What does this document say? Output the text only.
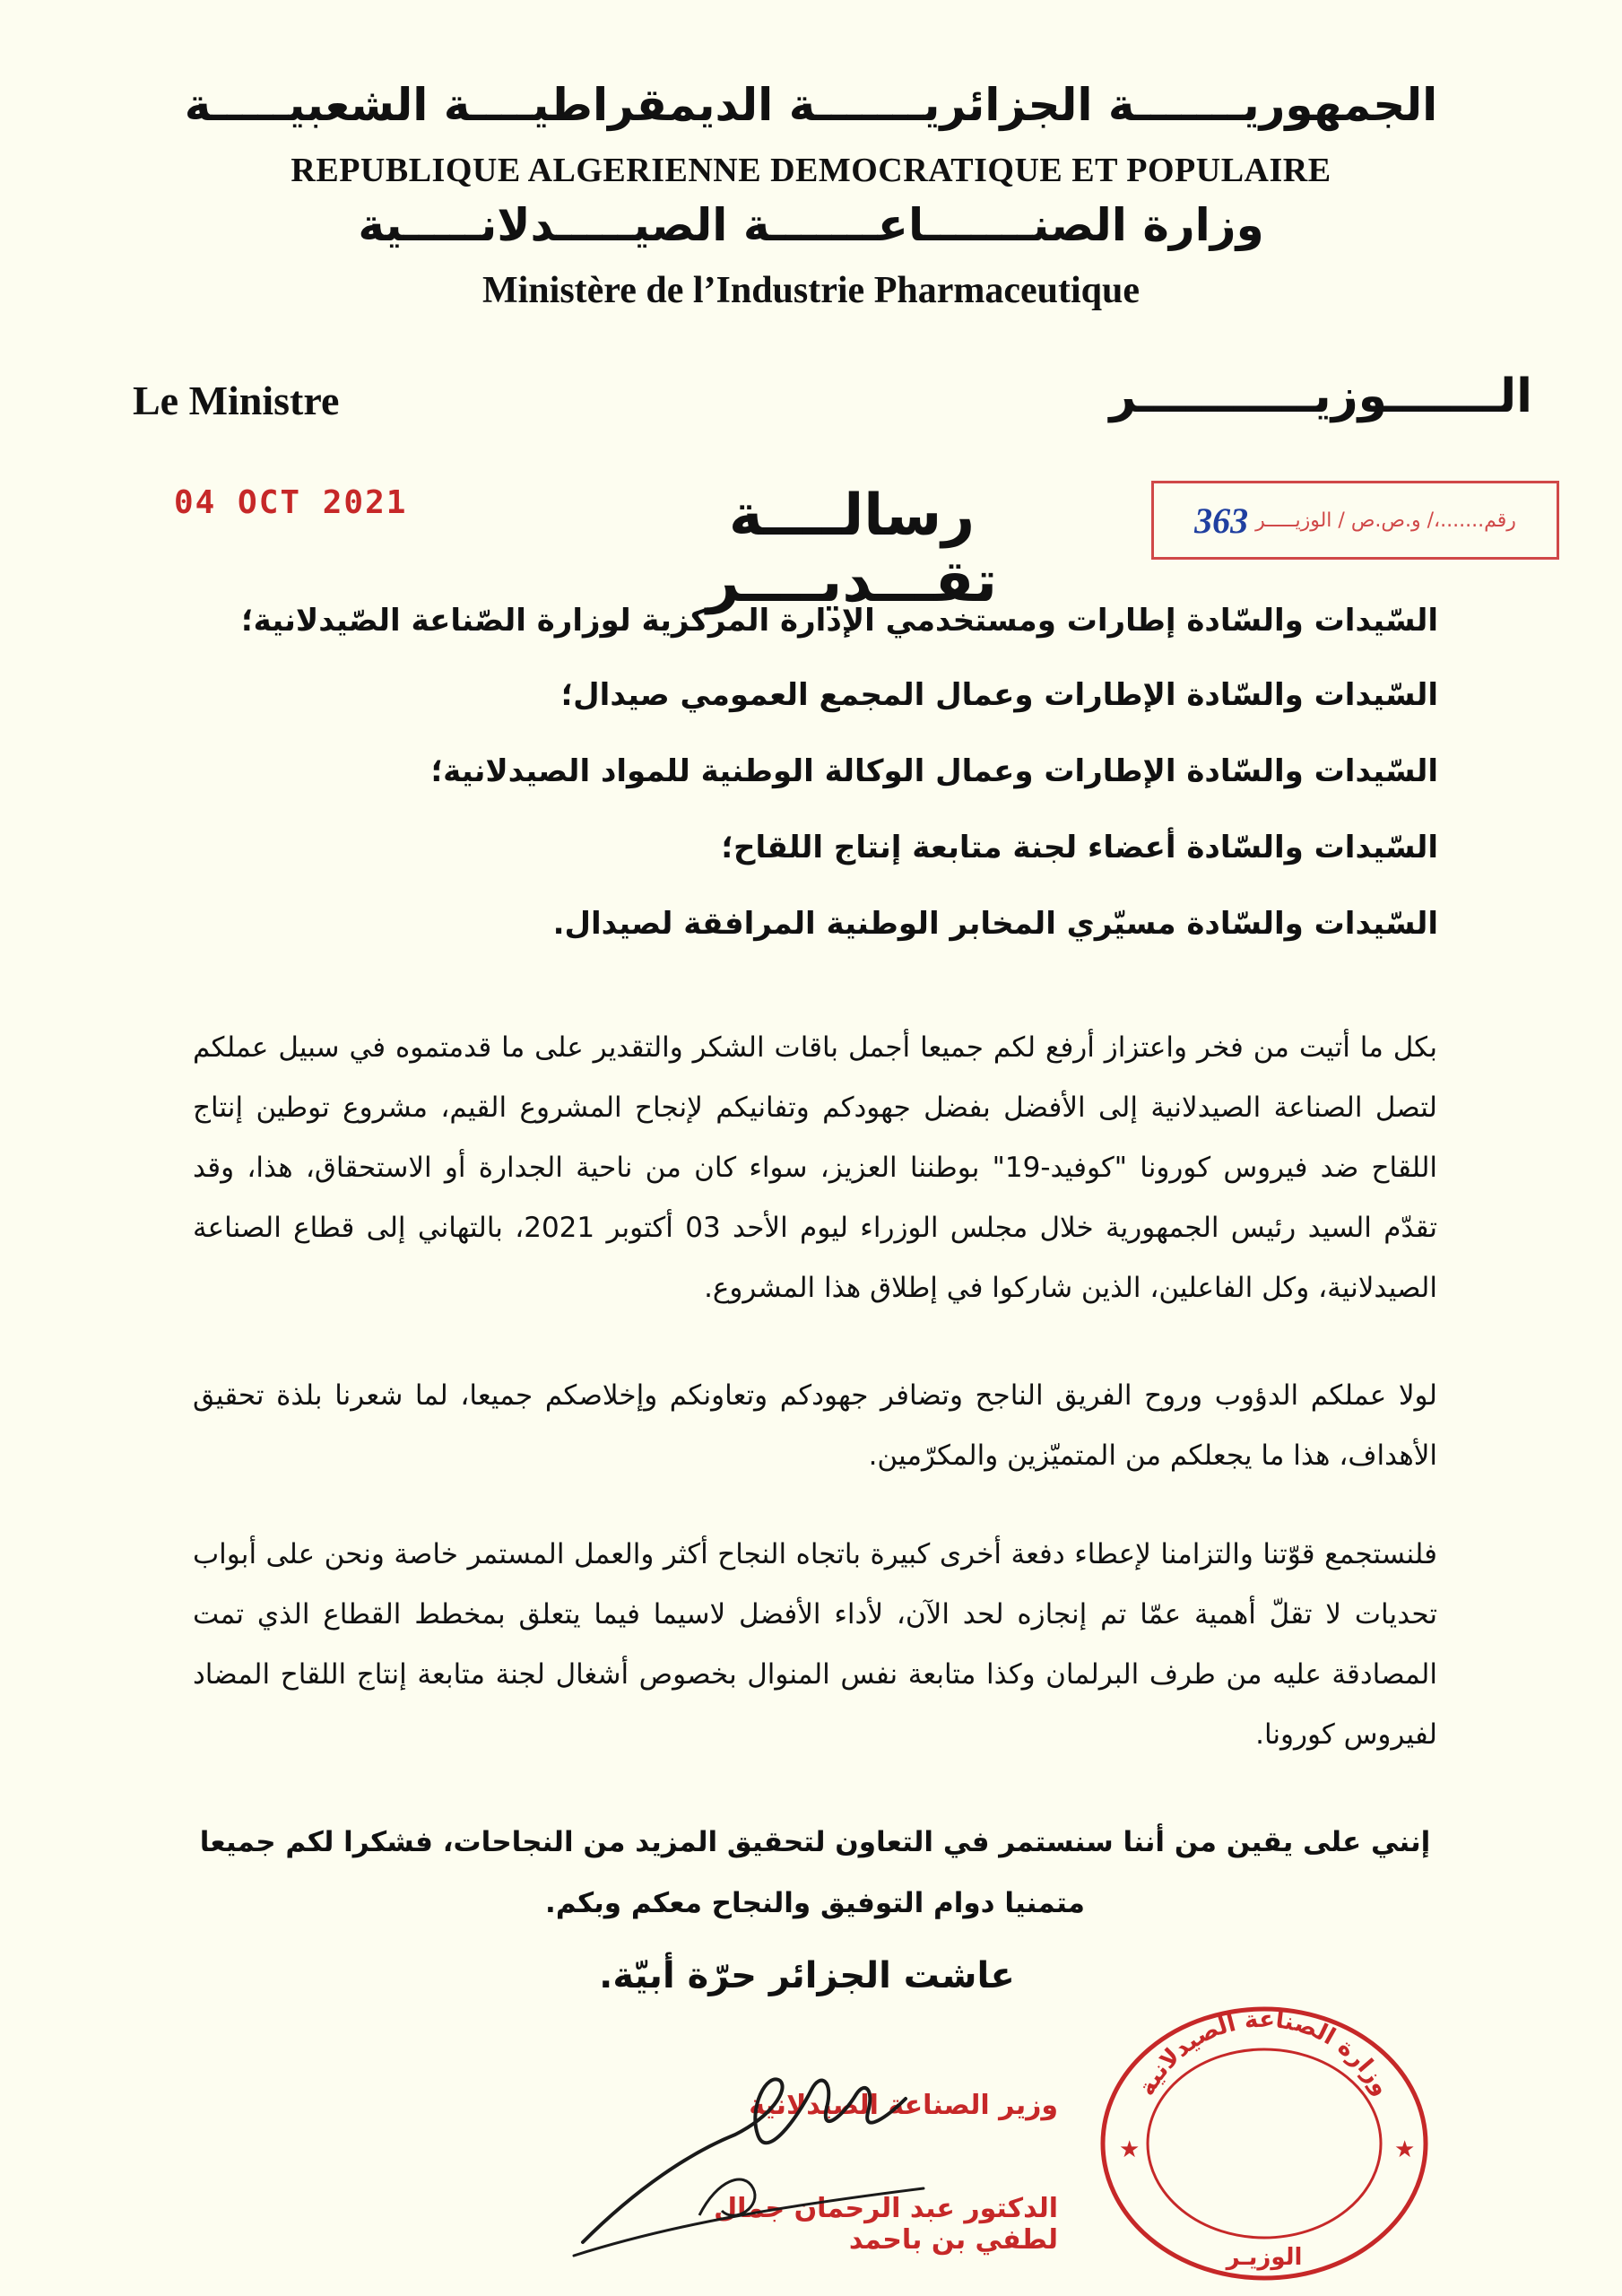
الجمهوريـــــــة الجزائريـــــــة الديمقراطيــــة الشعبيـــــة
REPUBLIQUE ALGERIENNE DEMOCRATIQUE ET POPULAIRE
وزارة الصنـــــــاعـــــــة الصيـــــدلانـــــية
Ministère de l’Industrie Pharmaceutique
Le Ministre	الـــــــوزيـــــــــــر
04 OCT 2021	رقم.......،/ و.ص.ص / الوزيـــــر
363
رسالــــة تقـــديــــر
السّيدات والسّادة إطارات ومستخدمي الإدارة المركزية لوزارة الصّناعة الصّيدلانية؛
السّيدات والسّادة الإطارات وعمال المجمع العمومي صيدال؛
السّيدات والسّادة الإطارات وعمال الوكالة الوطنية للمواد الصيدلانية؛
السّيدات والسّادة أعضاء لجنة متابعة إنتاج اللقاح؛
السّيدات والسّادة مسيّري المخابر الوطنية المرافقة لصيدال.
بكل ما أتيت من فخر واعتزاز أرفع لكم جميعا أجمل باقات الشكر والتقدير على ما قدمتموه في سبيل عملكم لتصل الصناعة الصيدلانية إلى الأفضل بفضل جهودكم وتفانيكم لإنجاح المشروع القيم، مشروع توطين إنتاج اللقاح ضد فيروس كورونا "كوفيد-19" بوطننا العزيز، سواء كان من ناحية الجدارة أو الاستحقاق، هذا، وقد تقدّم السيد رئيس الجمهورية خلال مجلس الوزراء ليوم الأحد 03 أكتوبر 2021، بالتهاني إلى قطاع الصناعة الصيدلانية، وكل الفاعلين، الذين شاركوا في إطلاق هذا المشروع.
لولا عملكم الدؤوب وروح الفريق الناجح وتضافر جهودكم وتعاونكم وإخلاصكم جميعا، لما شعرنا بلذة تحقيق الأهداف، هذا ما يجعلكم من المتميّزين والمكرّمين.
فلنستجمع قوّتنا والتزامنا لإعطاء دفعة أخرى كبيرة باتجاه النجاح أكثر والعمل المستمر خاصة ونحن على أبواب تحديات لا تقلّ أهمية عمّا تم إنجازه لحد الآن، لأداء الأفضل لاسيما فيما يتعلق بمخطط القطاع الذي تمت المصادقة عليه من طرف البرلمان وكذا متابعة نفس المنوال بخصوص أشغال لجنة متابعة إنتاج اللقاح المضاد لفيروس كورونا.
إنني على يقين من أننا سنستمر في التعاون لتحقيق المزيد من النجاحات، فشكرا لكم جميعا
متمنيا دوام التوفيق والنجاح معكم وبكم.
عاشت الجزائر حرّة أبيّة.
وزير الصناعة الصيدلانية
الدكتور عبد الرحمان جمال لطفي بن باحمد
وزارة الصناعة الصيدلانية
الوزيـر
★	★
